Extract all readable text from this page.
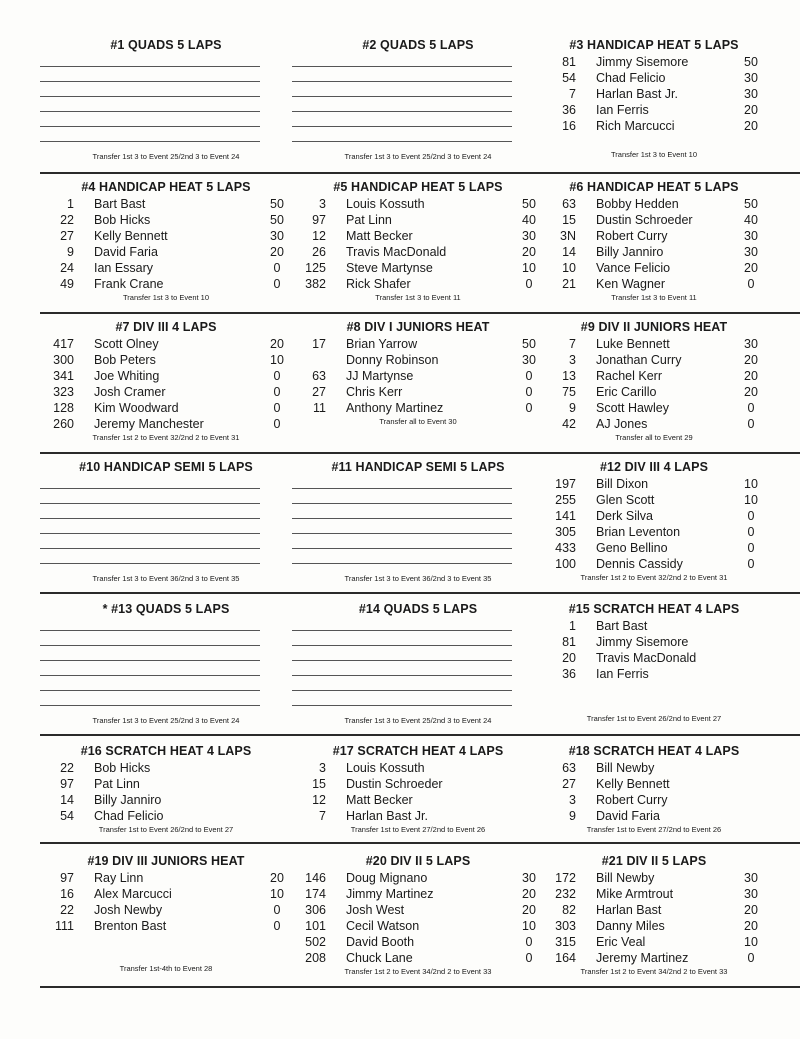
#1 QUADS 5 LAPS
Transfer 1st 3 to Event 25/2nd 3 to Event 24
#2 QUADS 5 LAPS
Transfer 1st 3 to Event 25/2nd 3 to Event 24
#3 HANDICAP HEAT 5 LAPS
81 Jimmy Sisemore	50
54 Chad Felicio	30
7 Harlan Bast Jr.	30
36 Ian Ferris	20
16 Rich Marcucci	20
Transfer 1st 3 to Event 10
#4 HANDICAP HEAT 5 LAPS
1 Bart Bast	50
22 Bob Hicks	50
27 Kelly Bennett	30
9 David Faria	20
24 Ian Essary	0
49 Frank Crane	0
Transfer 1st 3 to Event 10
#5 HANDICAP HEAT 5 LAPS
3 Louis Kossuth	50
97 Pat Linn	40
12 Matt Becker	30
26 Travis MacDonald	20
125 Steve Martynse	10
382 Rick Shafer	0
Transfer 1st 3 to Event 11
#6 HANDICAP HEAT 5 LAPS
63 Bobby Hedden	50
15 Dustin Schroeder	40
3N Robert Curry	30
14 Billy Janniro	30
10 Vance Felicio	20
21 Ken Wagner	0
Transfer 1st 3 to Event 11
#7 DIV III 4 LAPS
417 Scott Olney	20
300 Bob Peters	10
341 Joe Whiting	0
323 Josh Cramer	0
128 Kim Woodward	0
260 Jeremy Manchester	0
Transfer 1st 2 to Event 32/2nd 2 to Event 31
#8 DIV I JUNIORS HEAT
17 Brian Yarrow	50
Donny Robinson	30
63 JJ Martynse	0
27 Chris Kerr	0
11 Anthony Martinez	0
Transfer all to Event 30
#9 DIV II JUNIORS HEAT
7 Luke Bennett	30
3 Jonathan Curry	20
13 Rachel Kerr	20
75 Eric Carillo	20
9 Scott Hawley	0
42 AJ Jones	0
Transfer all to Event 29
#10 HANDICAP SEMI 5 LAPS
Transfer 1st 3 to Event 36/2nd 3 to Event 35
#11 HANDICAP SEMI 5 LAPS
Transfer 1st 3 to Event 36/2nd 3 to Event 35
#12 DIV III 4 LAPS
197 Bill Dixon	10
255 Glen Scott	10
141 Derk Silva	0
305 Brian Leventon	0
433 Geno Bellino	0
100 Dennis Cassidy	0
Transfer 1st 2 to Event 32/2nd 2 to Event 31
* #13 QUADS 5 LAPS
Transfer 1st 3 to Event 25/2nd 3 to Event 24
#14 QUADS 5 LAPS
Transfer 1st 3 to Event 25/2nd 3 to Event 24
#15 SCRATCH HEAT 4 LAPS
1 Bart Bast
81 Jimmy Sisemore
20 Travis MacDonald
36 Ian Ferris
Transfer 1st to Event 26/2nd to Event 27
#16 SCRATCH HEAT 4 LAPS
22 Bob Hicks
97 Pat Linn
14 Billy Janniro
54 Chad Felicio
Transfer 1st to Event 26/2nd to Event 27
#17 SCRATCH HEAT 4 LAPS
3 Louis Kossuth
15 Dustin Schroeder
12 Matt Becker
7 Harlan Bast Jr.
Transfer 1st to Event 27/2nd to Event 26
#18 SCRATCH HEAT 4 LAPS
63 Bill Newby
27 Kelly Bennett
3 Robert Curry
9 David Faria
Transfer 1st to Event 27/2nd to Event 26
#19 DIV III JUNIORS HEAT
97 Ray Linn	20
16 Alex Marcucci	10
22 Josh Newby	0
111 Brenton Bast	0
Transfer 1st-4th to Event 28
#20 DIV II 5 LAPS
146 Doug Mignano	30
174 Jimmy Martinez	20
306 Josh West	20
101 Cecil Watson	10
502 David Booth	0
208 Chuck Lane	0
Transfer 1st 2 to Event 34/2nd 2 to Event 33
#21 DIV II 5 LAPS
172 Bill Newby	30
232 Mike Armtrout	30
82 Harlan Bast	20
303 Danny Miles	20
315 Eric Veal	10
164 Jeremy Martinez	0
Transfer 1st 2 to Event 34/2nd 2 to Event 33
